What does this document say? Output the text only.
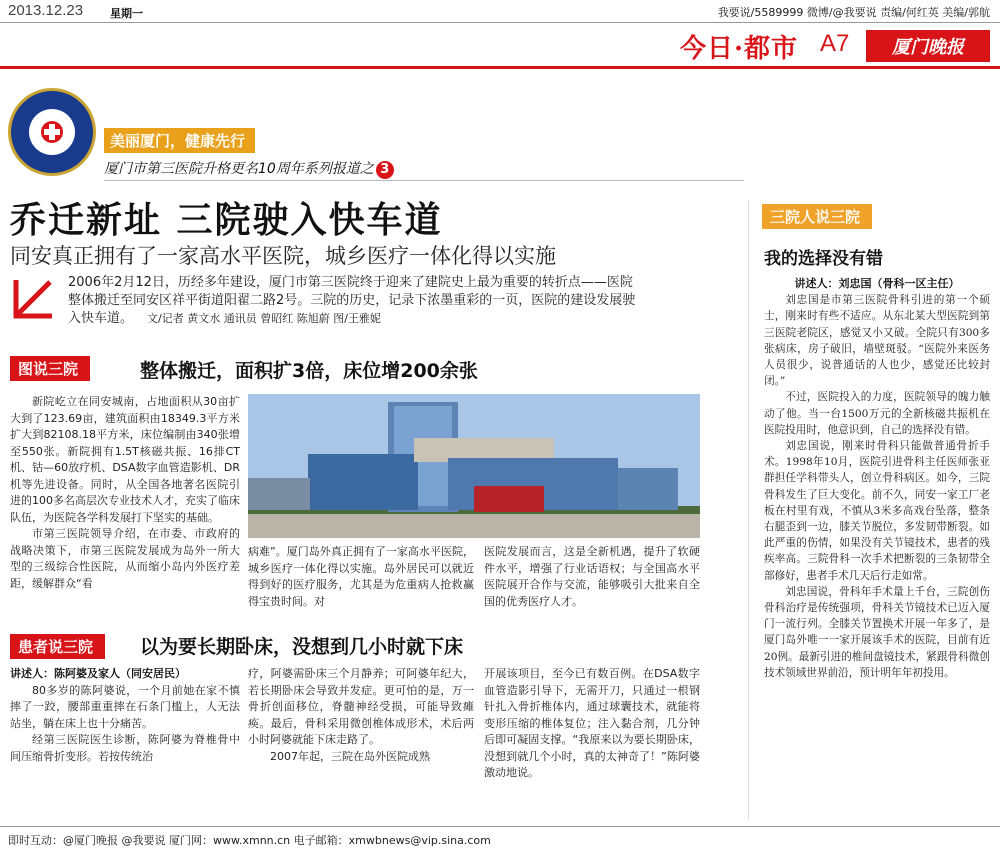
2013.12.23 星期一	我要说/5589999 微博/@我要说 责编/何红英 美编/郭航
今日·都市 A7	厦门晚报
美丽厦门，健康先行
厦门市第三医院升格更名10周年系列报道之 3
乔迁新址 三院驶入快车道
同安真正拥有了一家高水平医院，城乡医疗一体化得以实施
2006年2月12日，历经多年建设，厦门市第三医院终于迎来了建院史上最为重要的转折点——医院整体搬迁至同安区祥平街道阳翟二路2号。三院的历史，记录下浓墨重彩的一页，医院的建设发展驶入快车道。 文/记者 黄文水 通讯员 曾昭红 陈旭蔚 图/王雅妮
图说三院	整体搬迁，面积扩3倍，床位增200余张

新院屹立在同安城南，占地面积从30亩扩大到了123.69亩，建筑面积由18349.3平方米扩大到82108.18平方米，床位编制由340张增至550张。新院拥有1.5T核磁共振、16排CT机、钴—60放疗机、DSA数字血管造影机、DR机等先进设备。同时，从全国各地著名医院引进的100多名高层次专业技术人才，充实了临床队伍，为医院各学科发展打下坚实的基础。

市第三医院领导介绍，在市委、市政府的战略决策下，市第三医院发展成为岛外一所大型的三级综合性医院，从而缩小岛内外医疗差距，缓解群众“看

病难”。厦门岛外真正拥有了一家高水平医院，城乡医疗一体化得以实施。岛外居民可以就近得到好的医疗服务，尤其是为危重病人抢救赢得宝贵时间。对
医院发展而言，这是全新机遇，提升了软硬件水平，增强了行业话语权；与全国高水平医院展开合作与交流，能够吸引大批来自全国的优秀医疗人才。
患者说三院	以为要长期卧床，没想到几小时就下床
讲述人：陈阿婆及家人（同安居民）

80多岁的陈阿婆说，一个月前她在家不慎摔了一跤，腰部重重摔在石条门槛上，人无法站坐，躺在床上也十分痛苦。

经第三医院医生诊断，陈阿婆为脊椎骨中间压缩骨折变形。若按传统治

疗，阿婆需卧床三个月静养；可阿婆年纪大，若长期卧床会导致并发症。更可怕的是，万一骨折创面移位，脊髓神经受损，可能导致瘫痪。最后，骨科采用微创椎体成形术，术后两小时阿婆就能下床走路了。

2007年起，三院在岛外医院成熟

开展该项目，至今已有数百例。在DSA数字血管造影引导下，无需开刀，只通过一根钢针扎入骨折椎体内，通过球囊技术，就能将变形压缩的椎体复位；注入黏合剂，几分钟后即可凝固支撑。“我原来以为要长期卧床，没想到就几个小时，真的太神奇了！”陈阿婆激动地说。
三院人说三院
我的选择没有错
讲述人：刘忠国（骨科一区主任）

刘忠国是市第三医院骨科引进的第一个硕士，刚来时有些不适应。从东北某大型医院到第三医院老院区，感觉又小又破。全院只有300多张病床，房子破旧，墙壁斑驳。“医院外来医务人员很少，说普通话的人也少，感觉还比较封闭。”

不过，医院投入的力度，医院领导的魄力触动了他。当一台1500万元的全新核磁共振机在医院投用时，他意识到，自己的选择没有错。

刘忠国说，刚来时骨科只能做普通骨折手术。1998年10月，医院引进骨科主任医师张亚群担任学科带头人，创立骨科病区。如今，三院骨科发生了巨大变化。前不久，同安一家工厂老板在村里有戏，不慎从3米多高戏台坠落，整条右腿歪到一边，膝关节脱位，多发韧带断裂。如此严重的伤情，如果没有关节镜技术，患者的残疾率高。三院骨科一次手术把断裂的三条韧带全部修好，患者手术几天后行走如常。

刘忠国说，骨科年手术量上千台，三院创伤骨科治疗是传统强项，骨科关节镜技术已迈入厦门一流行列。全膝关节置换术开展一年多了，是厦门岛外唯一一家开展该手术的医院，目前有近20例。最新引进的椎间盘镜技术，紧跟骨科微创技术领域世界前沿，预计明年年初投用。

即时互动：@厦门晚报 @我要说 厦门网：www.xmnn.cn 电子邮箱：xmwbnews@vip.sina.com
